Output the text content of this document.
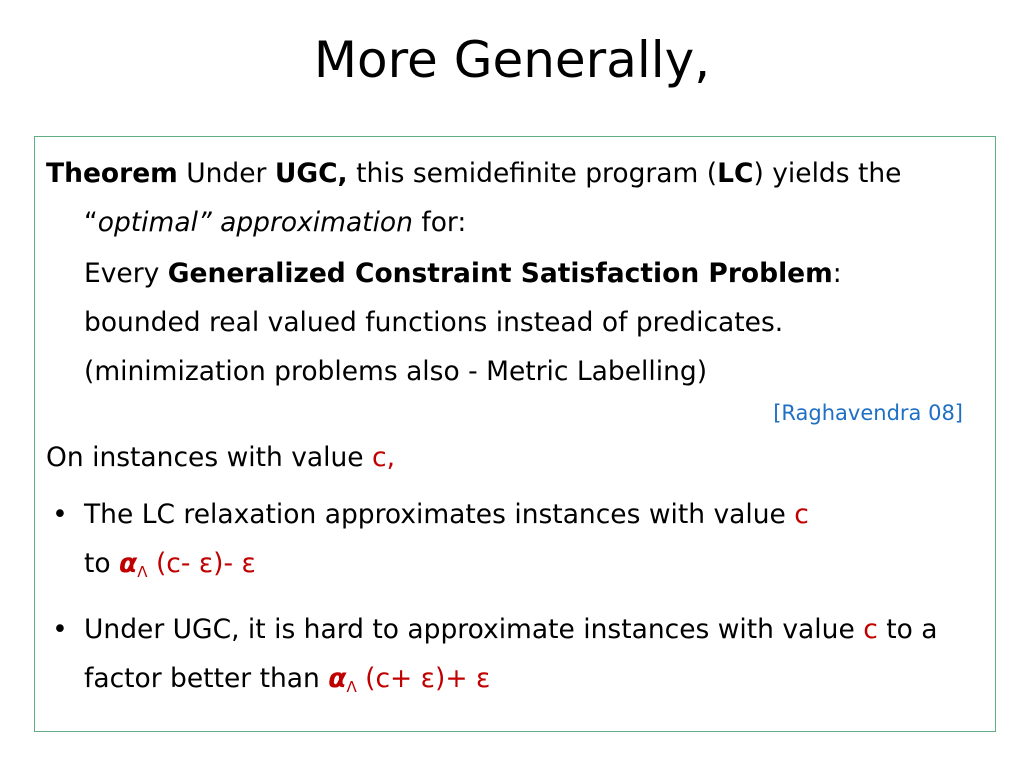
More Generally,

Theorem Under UGC, this semidefinite program (LC) yields the “optimal” approximation for:

Every Generalized Constraint Satisfaction Problem:

bounded real valued functions instead of predicates.

(minimization problems also - Metric Labelling)

[Raghavendra 08]

On instances with value c,

• The LC relaxation approximates instances with value c
to $\alpha_\Lambda$ (c- ε)- ε
• Under UGC, it is hard to approximate instances with value c to a factor better than $\alpha_\Lambda$ (c+ ε)+ ε
